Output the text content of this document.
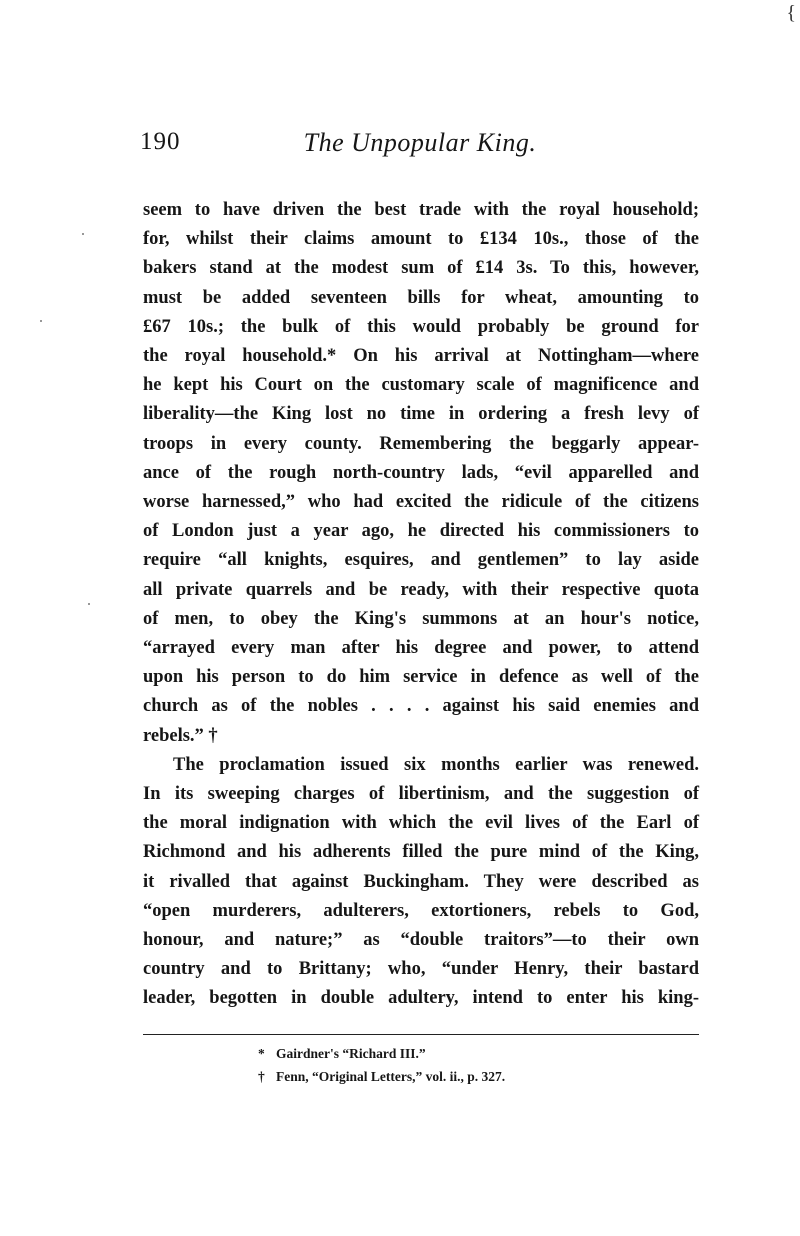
{
190	The Unpopular King.

seem to have driven the best trade with the royal household;

for, whilst their claims amount to £134 10s., those of the

bakers stand at the modest sum of £14 3s. To this, however,

must be added seventeen bills for wheat, amounting to

£67 10s.; the bulk of this would probably be ground for

the royal household.* On his arrival at Nottingham—where

he kept his Court on the customary scale of magnificence and

liberality—the King lost no time in ordering a fresh levy of

troops in every county. Remembering the beggarly appear-

ance of the rough north-country lads, “evil apparelled and

worse harnessed,” who had excited the ridicule of the citizens

of London just a year ago, he directed his commissioners to

require “all knights, esquires, and gentlemen” to lay aside

all private quarrels and be ready, with their respective quota

of men, to obey the King's summons at an hour's notice,

“arrayed every man after his degree and power, to attend

upon his person to do him service in defence as well of the

church as of the nobles . . . . against his said enemies and

rebels.” †

The proclamation issued six months earlier was renewed.

In its sweeping charges of libertinism, and the suggestion of

the moral indignation with which the evil lives of the Earl of

Richmond and his adherents filled the pure mind of the King,

it rivalled that against Buckingham. They were described as

“open murderers, adulterers, extortioners, rebels to God,

honour, and nature;” as “double traitors”—to their own

country and to Brittany; who, “under Henry, their bastard

leader, begotten in double adultery, intend to enter his king-

* Gairdner's “Richard III.”
† Fenn, “Original Letters,” vol. ii., p. 327.
